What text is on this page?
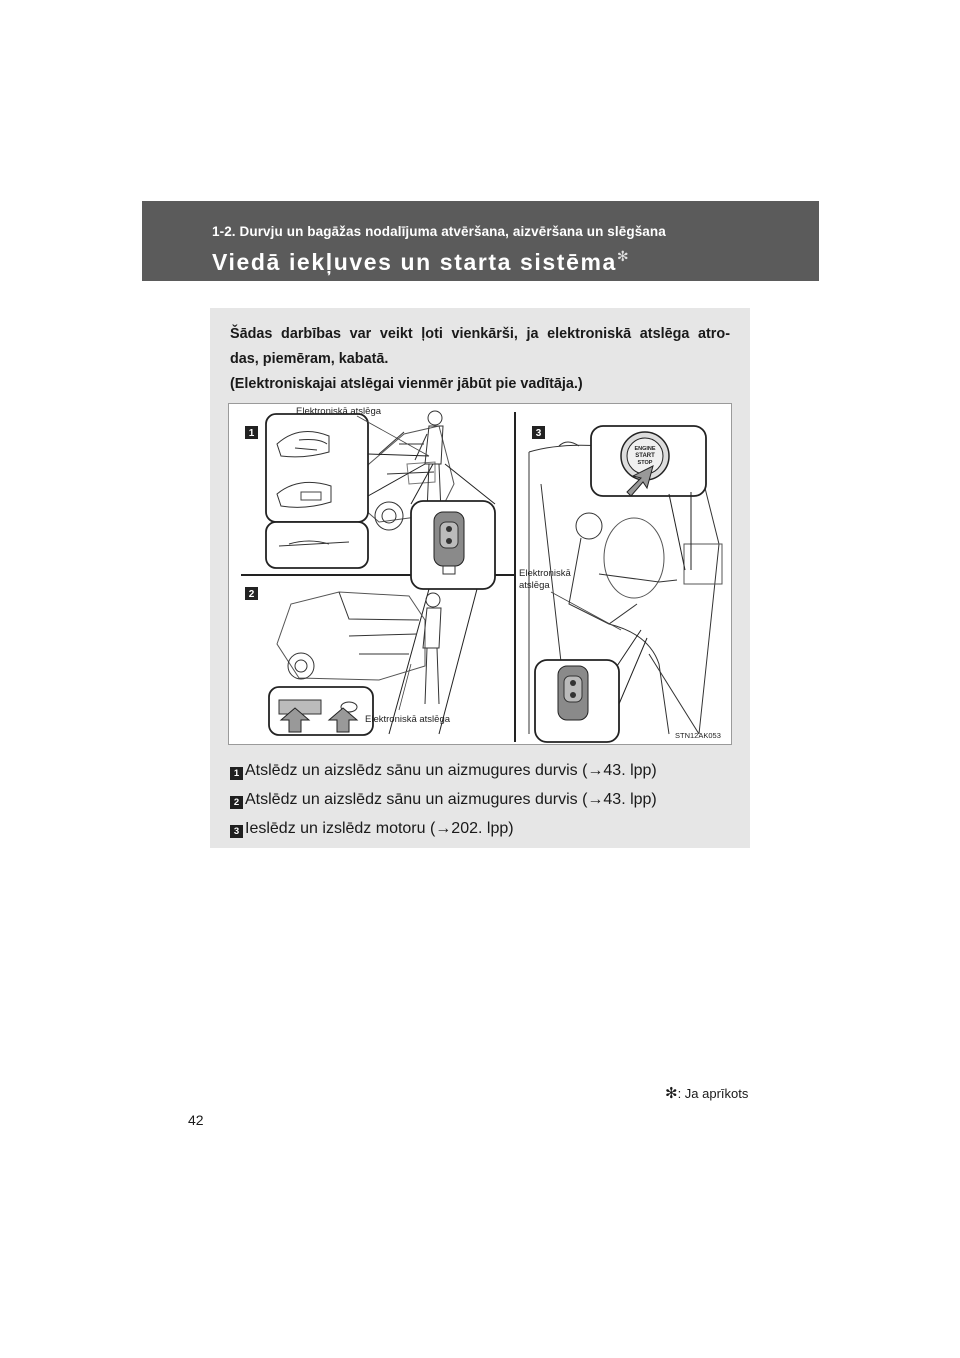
1-2. Durvju un bagāžas nodalījuma atvēršana, aizvēršana un slēgšana
Viedā iekļuves un starta sistēma✻
Šādas darbības var veikt ļoti vienkārši, ja elektroniskā atslēga atro-
das, piemēram, kabatā.
(Elektroniskajai atslēgai vienmēr jābūt pie vadītāja.)
1
2
3
Elektroniskā atslēga
Elektroniskā atslēga
ENGINE
START
STOP
Elektroniskā
atslēga
STN12AK053
1 Atslēdz un aizslēdz sānu un aizmugures durvis (→43. lpp)
2 Atslēdz un aizslēdz sānu un aizmugures durvis (→43. lpp)
3 Ieslēdz un izslēdz motoru (→202. lpp)
✻: Ja aprīkots
42
